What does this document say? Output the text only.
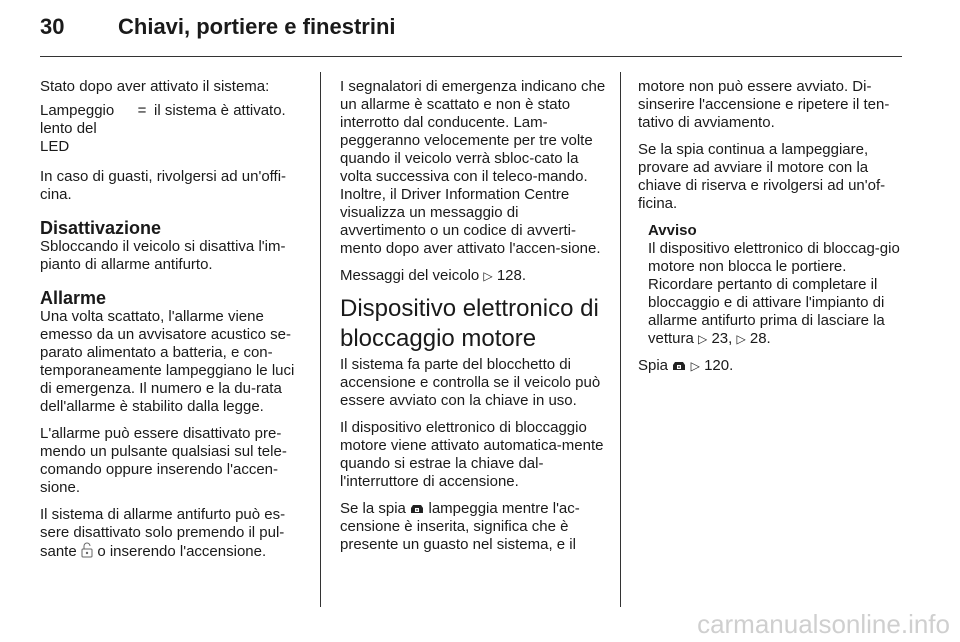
30 Chiavi, portiere e finestrini

Stato dopo aver attivato il sistema:

Lampeggio
lento del
LED
= il sistema è attivato.

In caso di guasti, rivolgersi ad un'offi-cina.

Disattivazione

Sbloccando il veicolo si disattiva l'im-pianto di allarme antifurto.

Allarme

Una volta scattato, l'allarme viene emesso da un avvisatore acustico se-parato alimentato a batteria, e con-temporaneamente lampeggiano le luci di emergenza. Il numero e la du-rata dell'allarme è stabilito dalla legge.

L'allarme può essere disattivato pre-mendo un pulsante qualsiasi sul tele-comando oppure inserendo l'accen-sione.

Il sistema di allarme antifurto può es-sere disattivato solo premendo il pul-sante o inserendo l'accensione.

I segnalatori di emergenza indicano che un allarme è scattato e non è stato interrotto dal conducente. Lam-peggeranno velocemente per tre volte quando il veicolo verrà sbloc-cato la volta successiva con il teleco-mando. Inoltre, il Driver Information Centre visualizza un messaggio di avvertimento o un codice di avverti-mento dopo aver attivato l'accen-sione.

Messaggi del veicolo ▷ 128.

Dispositivo elettronico di bloccaggio motore

Il sistema fa parte del blocchetto di accensione e controlla se il veicolo può essere avviato con la chiave in uso.

Il dispositivo elettronico di bloccaggio motore viene attivato automatica-mente quando si estrae la chiave dal-l'interruttore di accensione.

Se la spia lampeggia mentre l'ac-censione è inserita, significa che è presente un guasto nel sistema, e il

motore non può essere avviato. Di-sinserire l'accensione e ripetere il ten-tativo di avviamento.

Se la spia continua a lampeggiare, provare ad avviare il motore con la chiave di riserva e rivolgersi ad un'of-ficina.

Avviso
Il dispositivo elettronico di bloccag-gio motore non blocca le portiere. Ricordare pertanto di completare il bloccaggio e di attivare l'impianto di allarme antifurto prima di lasciare la vettura ▷ 23, ▷ 28.

Spia ▷ 120.

carmanualsonline.info
